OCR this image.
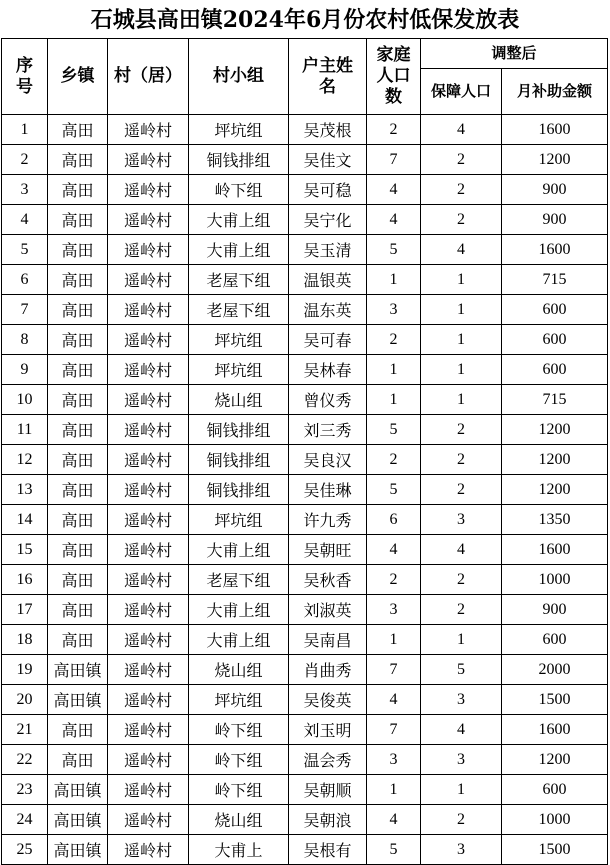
石城县高田镇2024年6月份农村低保发放表
序号	乡镇	村（居）	村小组	户主姓名	家庭人口数	调整后	

						保障人口	月补助金额

1	高田	遥岭村	坪坑组	吴茂根	2	4	1600
2	高田	遥岭村	铜钱排组	吴佳文	7	2	1200
3	高田	遥岭村	岭下组	吴可稳	4	2	900
4	高田	遥岭村	大甫上组	吴宁化	4	2	900
5	高田	遥岭村	大甫上组	吴玉清	5	4	1600
6	高田	遥岭村	老屋下组	温银英	1	1	715
7	高田	遥岭村	老屋下组	温东英	3	1	600
8	高田	遥岭村	坪坑组	吴可春	2	1	600
9	高田	遥岭村	坪坑组	吴林春	1	1	600
10	高田	遥岭村	烧山组	曾仪秀	1	1	715
11	高田	遥岭村	铜钱排组	刘三秀	5	2	1200
12	高田	遥岭村	铜钱排组	吴良汉	2	2	1200
13	高田	遥岭村	铜钱排组	吴佳琳	5	2	1200
14	高田	遥岭村	坪坑组	许九秀	6	3	1350
15	高田	遥岭村	大甫上组	吴朝旺	4	4	1600
16	高田	遥岭村	老屋下组	吴秋香	2	2	1000
17	高田	遥岭村	大甫上组	刘淑英	3	2	900
18	高田	遥岭村	大甫上组	吴南昌	1	1	600
19	高田镇	遥岭村	烧山组	肖曲秀	7	5	2000
20	高田镇	遥岭村	坪坑组	吴俊英	4	3	1500
21	高田	遥岭村	岭下组	刘玉明	7	4	1600
22	高田	遥岭村	岭下组	温会秀	3	3	1200
23	高田镇	遥岭村	岭下组	吴朝顺	1	1	600
24	高田镇	遥岭村	烧山组	吴朝浪	4	2	1000
25	高田镇	遥岭村	大甫上	吴根有	5	3	1500
